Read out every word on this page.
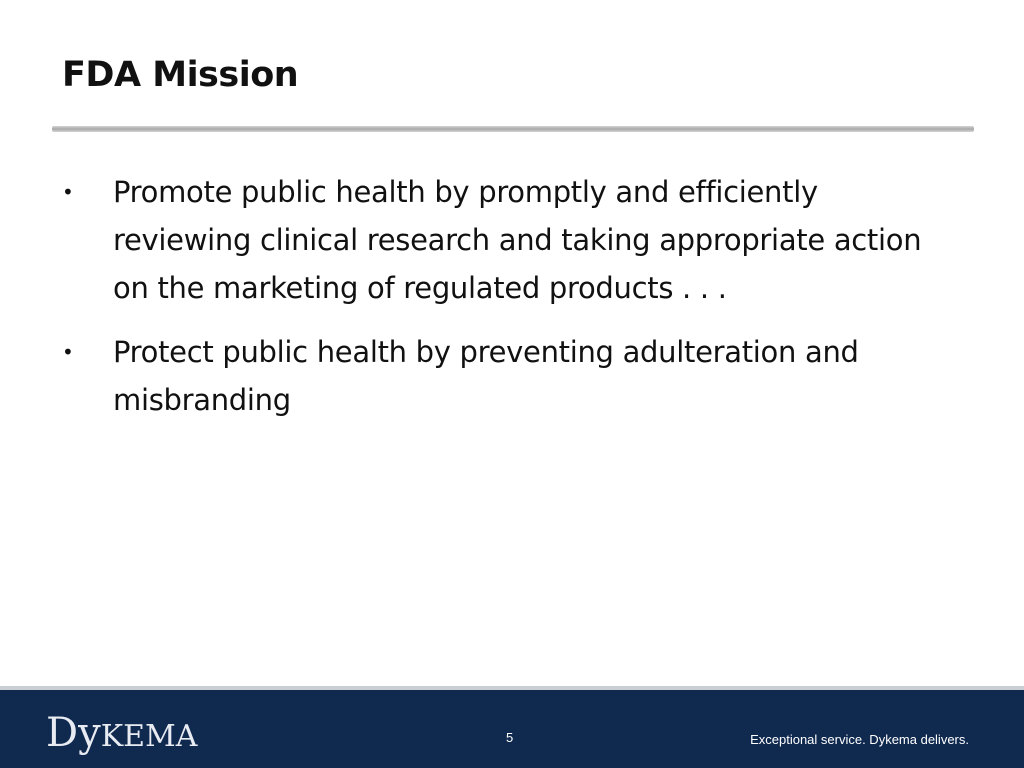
FDA Mission
• Promote public health by promptly and efficiently reviewing clinical research and taking appropriate action on the marketing of regulated products . . .
• Protect public health by preventing adulteration and misbranding
DyKEMA	5	Exceptional service. Dykema delivers.
